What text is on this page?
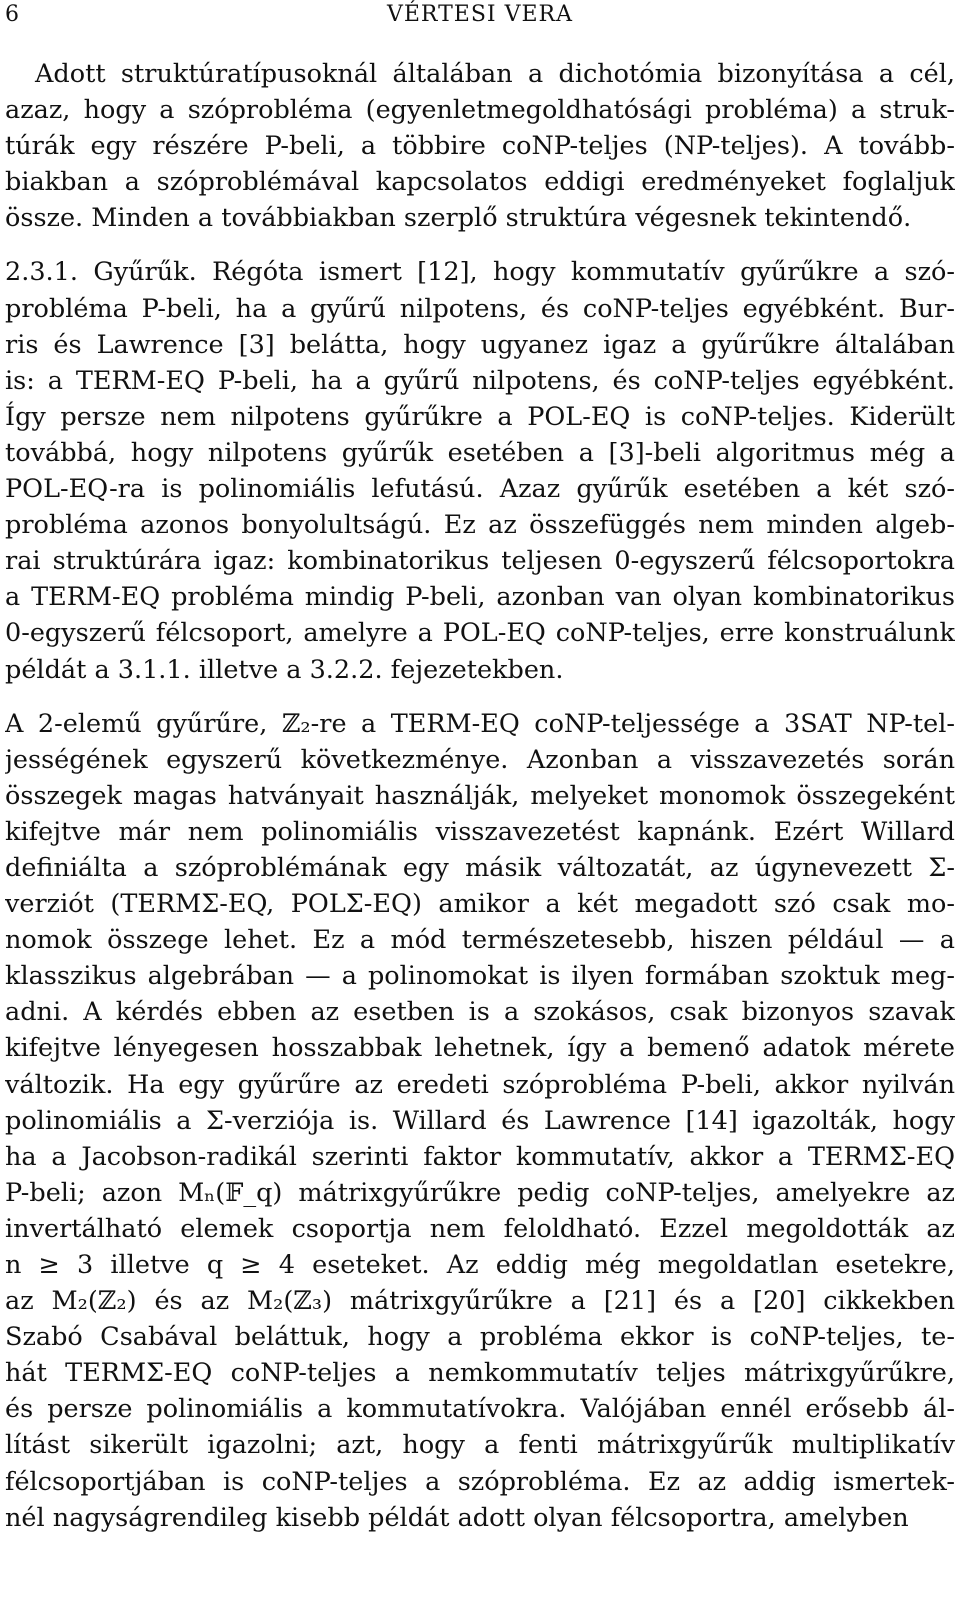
6	VÉRTESI VERA
Adott struktúratípusoknál általában a dichotómia bizonyítása a cél,
azaz, hogy a szóprobléma (egyenletmegoldhatósági probléma) a struk-
túrák egy részére P-beli, a többire coNP-teljes (NP-teljes). A tovább-
biakban a szóproblémával kapcsolatos eddigi eredményeket foglaljuk
össze. Minden a továbbiakban szerplő struktúra végesnek tekintendő.
2.3.1. Gyűrűk. Régóta ismert [12], hogy kommutatív gyűrűkre a szó-
probléma P-beli, ha a gyűrű nilpotens, és coNP-teljes egyébként. Bur-
ris és Lawrence [3] belátta, hogy ugyanez igaz a gyűrűkre általában
is: a TERM-EQ P-beli, ha a gyűrű nilpotens, és coNP-teljes egyébként.
Így persze nem nilpotens gyűrűkre a POL-EQ is coNP-teljes. Kiderült
továbbá, hogy nilpotens gyűrűk esetében a [3]-beli algoritmus még a
POL-EQ-ra is polinomiális lefutású. Azaz gyűrűk esetében a két szó-
probléma azonos bonyolultságú. Ez az összefüggés nem minden algeb-
rai struktúrára igaz: kombinatorikus teljesen 0-egyszerű félcsoportokra
a TERM-EQ probléma mindig P-beli, azonban van olyan kombinatorikus
0-egyszerű félcsoport, amelyre a POL-EQ coNP-teljes, erre konstruálunk
példát a 3.1.1. illetve a 3.2.2. fejezetekben.
A 2-elemű gyűrűre, ℤ₂-re a TERM-EQ coNP-teljessége a 3SAT NP-tel-
jességének egyszerű következménye. Azonban a visszavezetés során
összegek magas hatványait használják, melyeket monomok összegeként
kifejtve már nem polinomiális visszavezetést kapnánk. Ezért Willard
definiálta a szóproblémának egy másik változatát, az úgynevezett Σ-
verziót (TERMΣ-EQ, POLΣ-EQ) amikor a két megadott szó csak mo-
nomok összege lehet. Ez a mód természetesebb, hiszen például — a
klasszikus algebrában — a polinomokat is ilyen formában szoktuk meg-
adni. A kérdés ebben az esetben is a szokásos, csak bizonyos szavak
kifejtve lényegesen hosszabbak lehetnek, így a bemenő adatok mérete
változik. Ha egy gyűrűre az eredeti szóprobléma P-beli, akkor nyilván
polinomiális a Σ-verziója is. Willard és Lawrence [14] igazolták, hogy
ha a Jacobson-radikál szerinti faktor kommutatív, akkor a TERMΣ-EQ
P-beli; azon Mₙ(𝔽_q) mátrixgyűrűkre pedig coNP-teljes, amelyekre az
invertálható elemek csoportja nem feloldható. Ezzel megoldották az
n ≥ 3 illetve q ≥ 4 eseteket. Az eddig még megoldatlan esetekre,
az M₂(ℤ₂) és az M₂(ℤ₃) mátrixgyűrűkre a [21] és a [20] cikkekben
Szabó Csabával beláttuk, hogy a probléma ekkor is coNP-teljes, te-
hát TERMΣ-EQ coNP-teljes a nemkommutatív teljes mátrixgyűrűkre,
és persze polinomiális a kommutatívokra. Valójában ennél erősebb ál-
lítást sikerült igazolni; azt, hogy a fenti mátrixgyűrűk multiplikatív
félcsoportjában is coNP-teljes a szóprobléma. Ez az addig ismertek-
nél nagyságrendileg kisebb példát adott olyan félcsoportra, amelyben
